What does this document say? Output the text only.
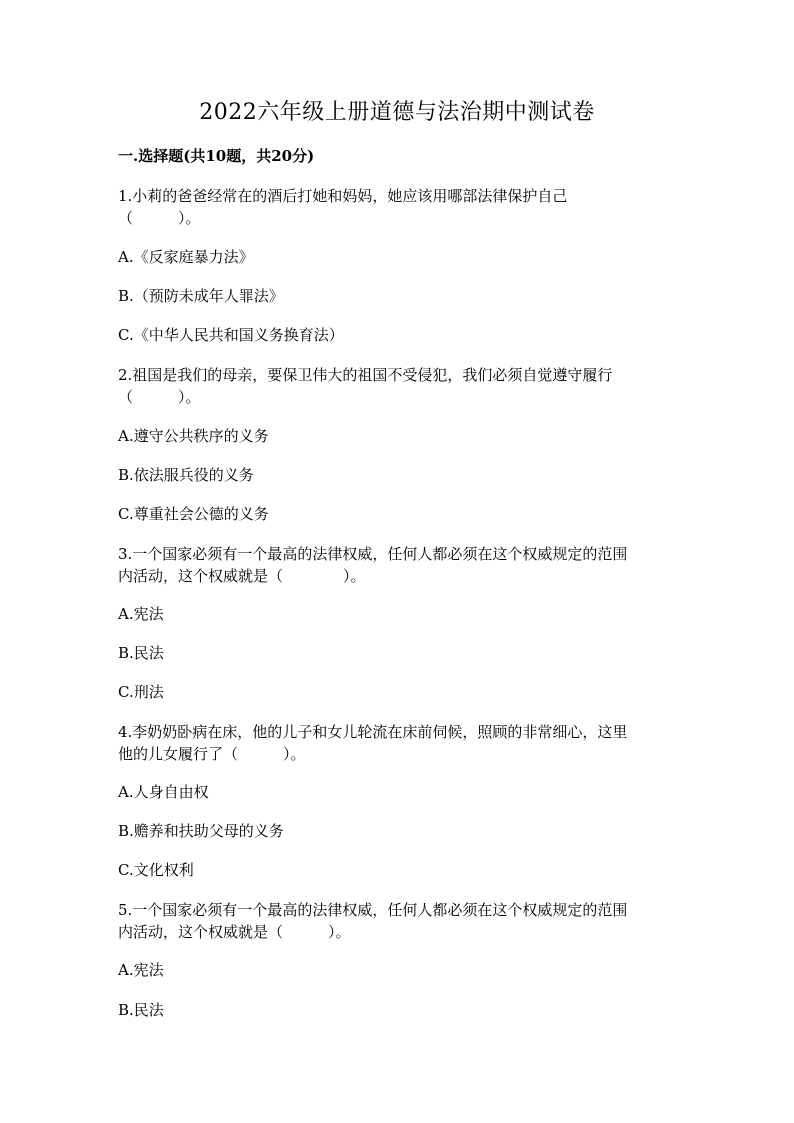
2022六年级上册道德与法治期中测试卷
一.选择题(共10题，共20分)
1.小莉的爸爸经常在的酒后打她和妈妈，她应该用哪部法律保护自己
（　　　）。
A.《反家庭暴力法》
B.（预防未成年人罪法》
C.《中华人民共和国义务换育法）
2.祖国是我们的母亲，要保卫伟大的祖国不受侵犯，我们必须自觉遵守履行
（　　　）。
A.遵守公共秩序的义务
B.依法服兵役的义务
C.尊重社会公德的义务
3.一个国家必须有一个最高的法律权威，任何人都必须在这个权威规定的范围
内活动，这个权威就是（　　　　）。
A.宪法
B.民法
C.刑法
4.李奶奶卧病在床，他的儿子和女儿轮流在床前伺候，照顾的非常细心，这里
他的儿女履行了（　　　）。
A.人身自由权
B.赡养和扶助父母的义务
C.文化权利
5.一个国家必须有一个最高的法律权威，任何人都必须在这个权威规定的范围
内活动，这个权威就是（　　　）。
A.宪法
B.民法
